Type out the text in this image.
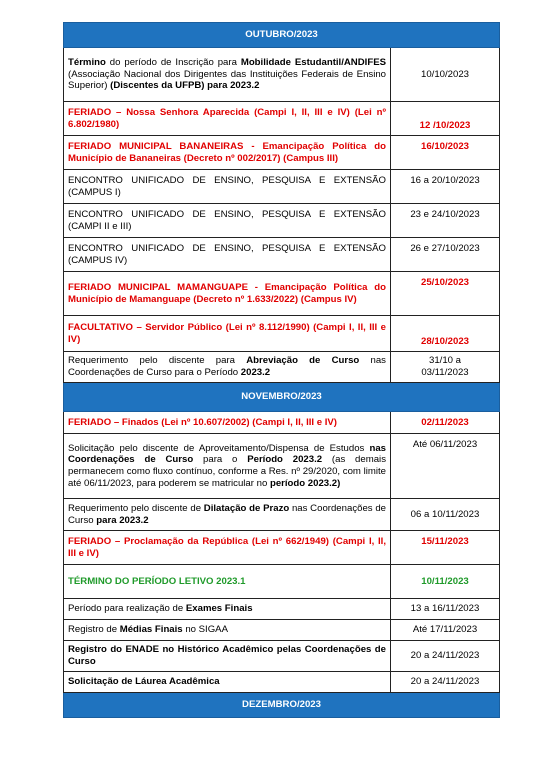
OUTUBRO/2023	
Término do período de Inscrição para Mobilidade Estudantil/ANDIFES (Associação Nacional dos Dirigentes das Instituições Federais de Ensino Superior) (Discentes da UFPB) para 2023.2	10/10/2023
FERIADO – Nossa Senhora Aparecida (Campi I, II, III e IV) (Lei nº 6.802/1980)	12 /10/2023
FERIADO MUNICIPAL BANANEIRAS - Emancipação Política do Município de Bananeiras (Decreto nº 002/2017) (Campus III)	16/10/2023
ENCONTRO UNIFICADO DE ENSINO, PESQUISA E EXTENSÃO (CAMPUS I)	16 a 20/10/2023
ENCONTRO UNIFICADO DE ENSINO, PESQUISA E EXTENSÃO (CAMPI II e III)	23 e 24/10/2023
ENCONTRO UNIFICADO DE ENSINO, PESQUISA E EXTENSÃO (CAMPUS IV)	26 e 27/10/2023
FERIADO MUNICIPAL MAMANGUAPE - Emancipação Política do Município de Mamanguape (Decreto nº 1.633/2022) (Campus IV)	25/10/2023
FACULTATIVO – Servidor Público (Lei nº 8.112/1990) (Campi I, II, III e IV)	28/10/2023
Requerimento pelo discente para Abreviação de Curso nas Coordenações de Curso para o Período 2023.2	31/10 a
03/11/2023

NOVEMBRO/2023	
FERIADO – Finados (Lei nº 10.607/2002) (Campi I, II, III e IV)	02/11/2023
Solicitação pelo discente de Aproveitamento/Dispensa de Estudos nas Coordenações de Curso para o Período 2023.2 (as demais permanecem como fluxo contínuo, conforme a Res. nº 29/2020, com limite até 06/11/2023, para poderem se matricular no período 2023.2)	Até 06/11/2023
Requerimento pelo discente de Dilatação de Prazo nas Coordenações de Curso para 2023.2	06 a 10/11/2023
FERIADO – Proclamação da República (Lei nº 662/1949) (Campi I, II, III e IV)	15/11/2023
TÉRMINO DO PERÍODO LETIVO 2023.1	10/11/2023
Período para realização de Exames Finais	13 a 16/11/2023
Registro de Médias Finais no SIGAA	Até 17/11/2023
Registro do ENADE no Histórico Acadêmico pelas Coordenações de Curso	20 a 24/11/2023
Solicitação de Láurea Acadêmica	20 a 24/11/2023
DEZEMBRO/2023	
